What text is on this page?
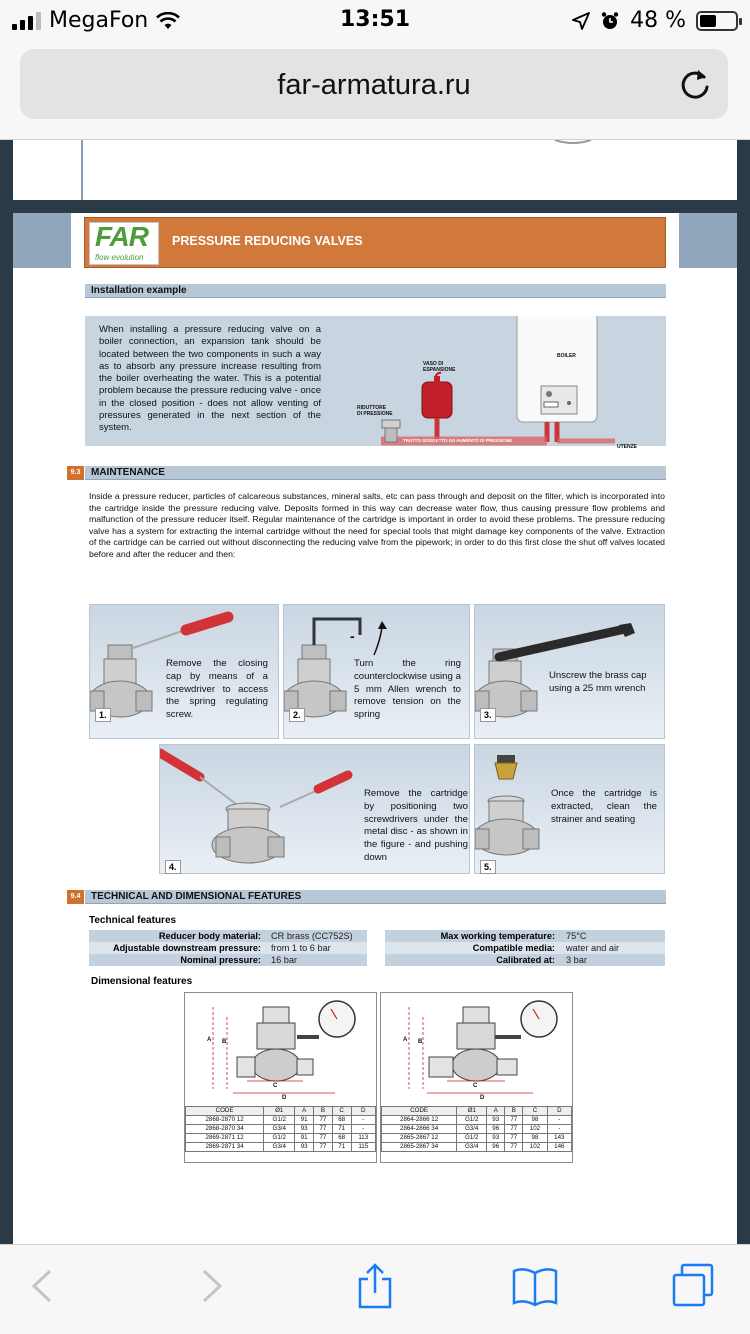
MegaFon	13:51	48 %
far-armatura.ru
FAR
flow evolution
PRESSURE REDUCING VALVES
Installation example
When installing a pressure reducing valve on a boiler connection, an expansion tank should be located between the two components in such a way as to absorb any pressure increase resulting from the boiler overheating the water. This is a potential problem because the pressure reducing valve - once in the closed position - does not allow venting of pressures generated in the next section of the system.
BOILER
VASO DI
ESPANSIONE
RIDUTTORE
DI PRESSIONE
UTENZE
TRATTO SOGGETTO AD AUMENTO DI PRESSIONE
9.3	MAINTENANCE
Inside a pressure reducer, particles of calcareous substances, mineral salts, etc can pass through and deposit on the filter, which is incorporated into the cartridge inside the pressure reducing valve. Deposits formed in this way can decrease water flow, thus causing pressure flow problems and malfunction of the pressure reducer itself. Regular maintenance of the cartridge is important in order to avoid these problems. The pressure reducing valve has a system for extracting the internal cartridge without the need for special tools that might damage key components of the valve. Extraction of the cartridge can be carried out without disconnecting the reducing valve from the pipework; in order to do this first close the shut off valves located before and after the reducer and then:
Remove the closing cap by means of a screwdriver to access the spring regulating screw.
1.
-
Turn the ring counterclockwise using a 5 mm Allen wrench to remove tension on the spring
2.
Unscrew the brass cap using a 25 mm wrench
3.
Remove the cartridge by positioning two screwdrivers under the metal disc - as shown in the figure - and pushing down
4.
Once the cartridge is extracted, clean the strainer and seating
5.
9.4	TECHNICAL AND DIMENSIONAL FEATURES
Technical features
Reducer body material: CR brass (CC752S)
Adjustable downstream pressure: from 1 to 6 bar
Nominal pressure: 16 bar
Max working temperature: 75°C
Compatible media: water and air
Calibrated at: 3 bar
Dimensional features
A B
C
D
CODE	Ø1	A	B	C	D
2868-2870 12	G1/2	91	77	68	-
2868-2870 34	G3/4	93	77	71	-
2869-2871 12	G1/2	91	77	68	113
2869-2871 34	G3/4	93	77	71	115
A B
C
D
CODE	Ø1	A	B	C	D
2864-2866 12	G1/2	93	77	98	-
2864-2866 34	G3/4	96	77	102	-
2865-2867 12	G1/2	93	77	98	143
2865-2867 34	G3/4	96	77	102	146
